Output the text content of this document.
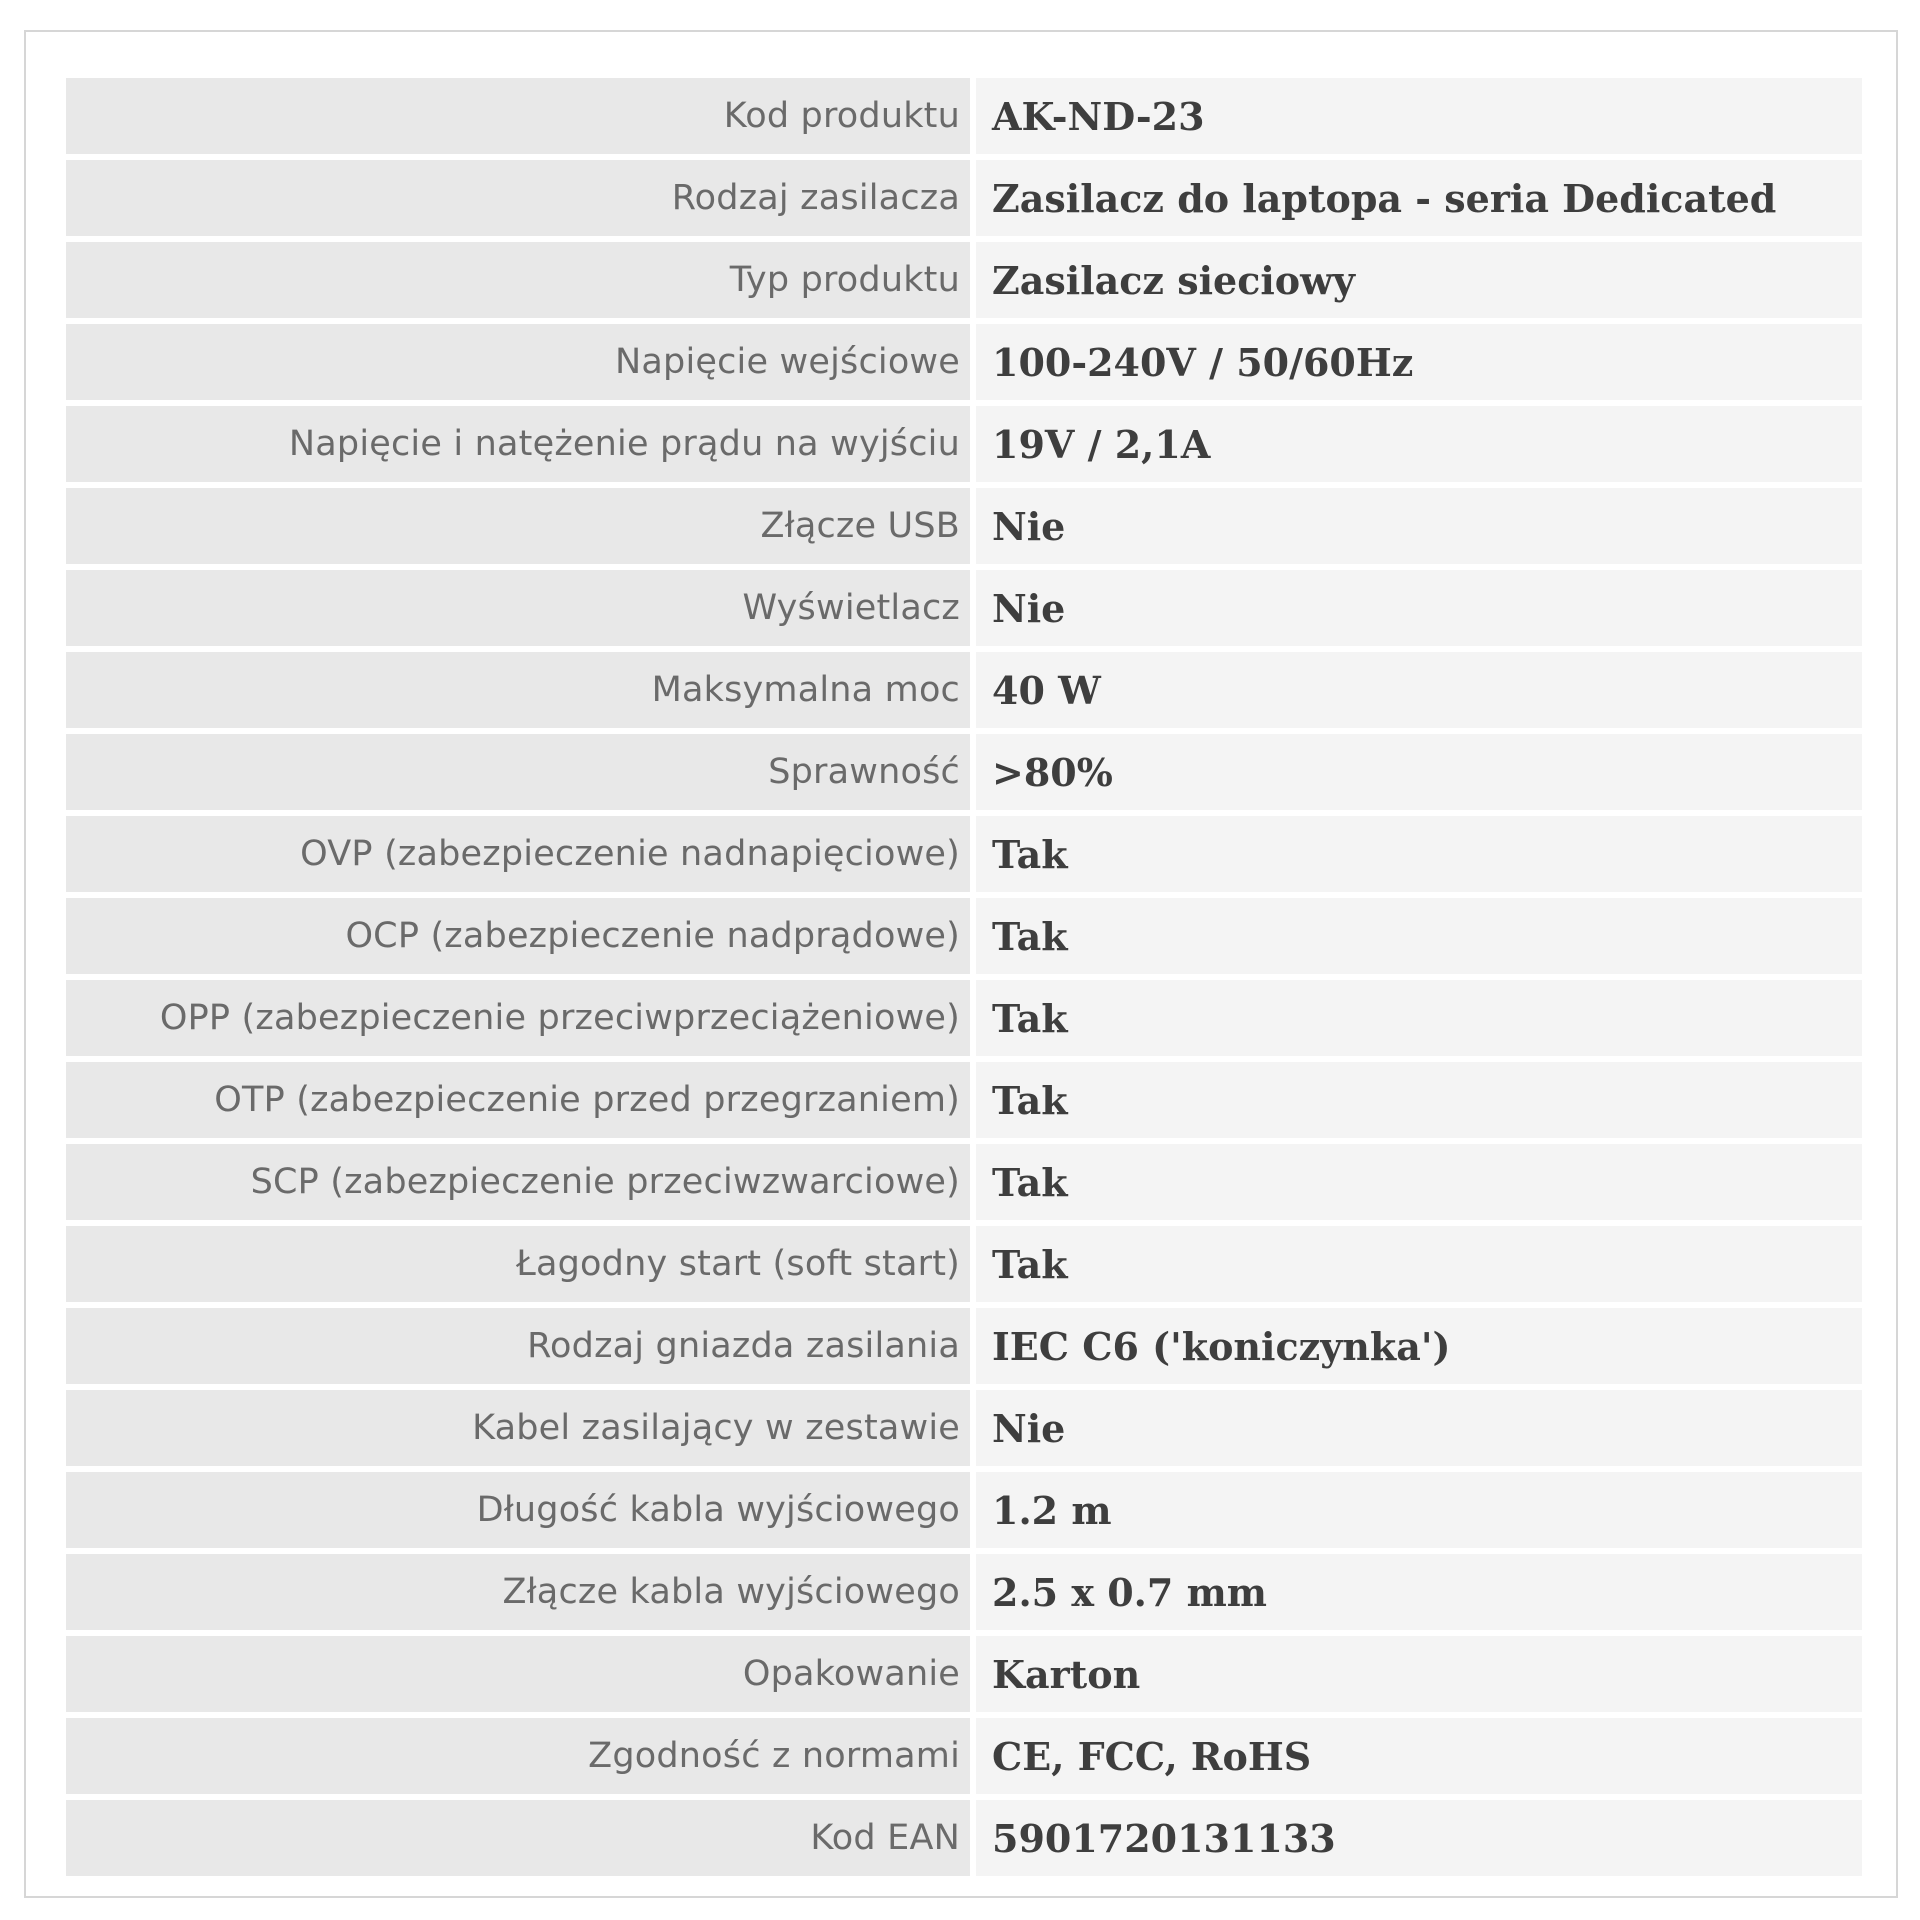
Kod produktu	AK-ND-23
Rodzaj zasilacza	Zasilacz do laptopa - seria Dedicated
Typ produktu	Zasilacz sieciowy
Napięcie wejściowe	100-240V / 50/60Hz
Napięcie i natężenie prądu na wyjściu	19V / 2,1A
Złącze USB	Nie
Wyświetlacz	Nie
Maksymalna moc	40 W
Sprawność	>80%
OVP (zabezpieczenie nadnapięciowe)	Tak
OCP (zabezpieczenie nadprądowe)	Tak
OPP (zabezpieczenie przeciwprzeciążeniowe)	Tak
OTP (zabezpieczenie przed przegrzaniem)	Tak
SCP (zabezpieczenie przeciwzwarciowe)	Tak
Łagodny start (soft start)	Tak
Rodzaj gniazda zasilania	IEC C6 ('koniczynka')
Kabel zasilający w zestawie	Nie
Długość kabla wyjściowego	1.2 m
Złącze kabla wyjściowego	2.5 x 0.7 mm
Opakowanie	Karton
Zgodność z normami	CE, FCC, RoHS
Kod EAN	5901720131133
